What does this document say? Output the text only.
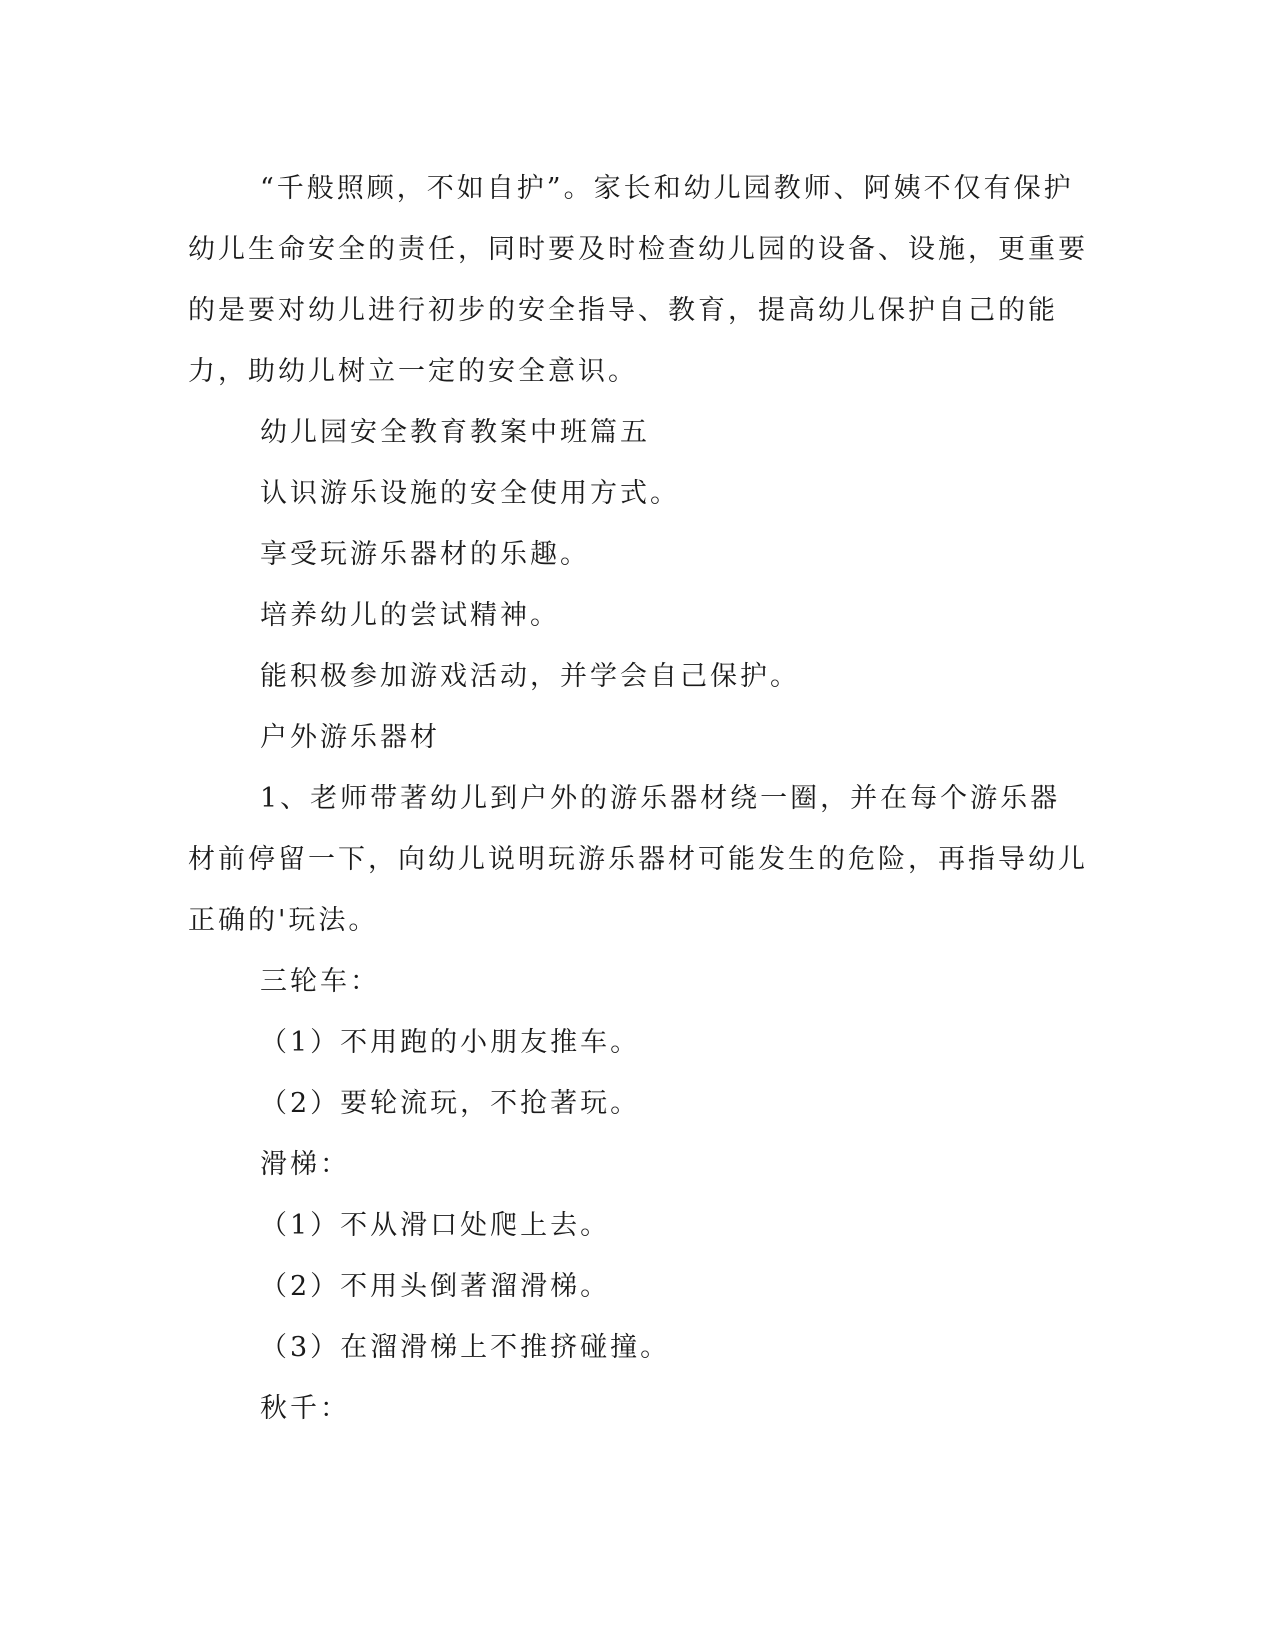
“千般照顾，不如自护”。家长和幼儿园教师、阿姨不仅有保护幼儿生命安全的责任，同时要及时检查幼儿园的设备、设施，更重要的是要对幼儿进行初步的安全指导、教育，提高幼儿保护自己的能力，助幼儿树立一定的安全意识。

幼儿园安全教育教案中班篇五

认识游乐设施的安全使用方式。

享受玩游乐器材的乐趣。

培养幼儿的尝试精神。

能积极参加游戏活动，并学会自己保护。

户外游乐器材

1、老师带著幼儿到户外的游乐器材绕一圈，并在每个游乐器材前停留一下，向幼儿说明玩游乐器材可能发生的危险，再指导幼儿正确的'玩法。

三轮车：

（1）不用跑的小朋友推车。

（2）要轮流玩，不抢著玩。

滑梯：

（1）不从滑口处爬上去。

（2）不用头倒著溜滑梯。

（3）在溜滑梯上不推挤碰撞。

秋千：
